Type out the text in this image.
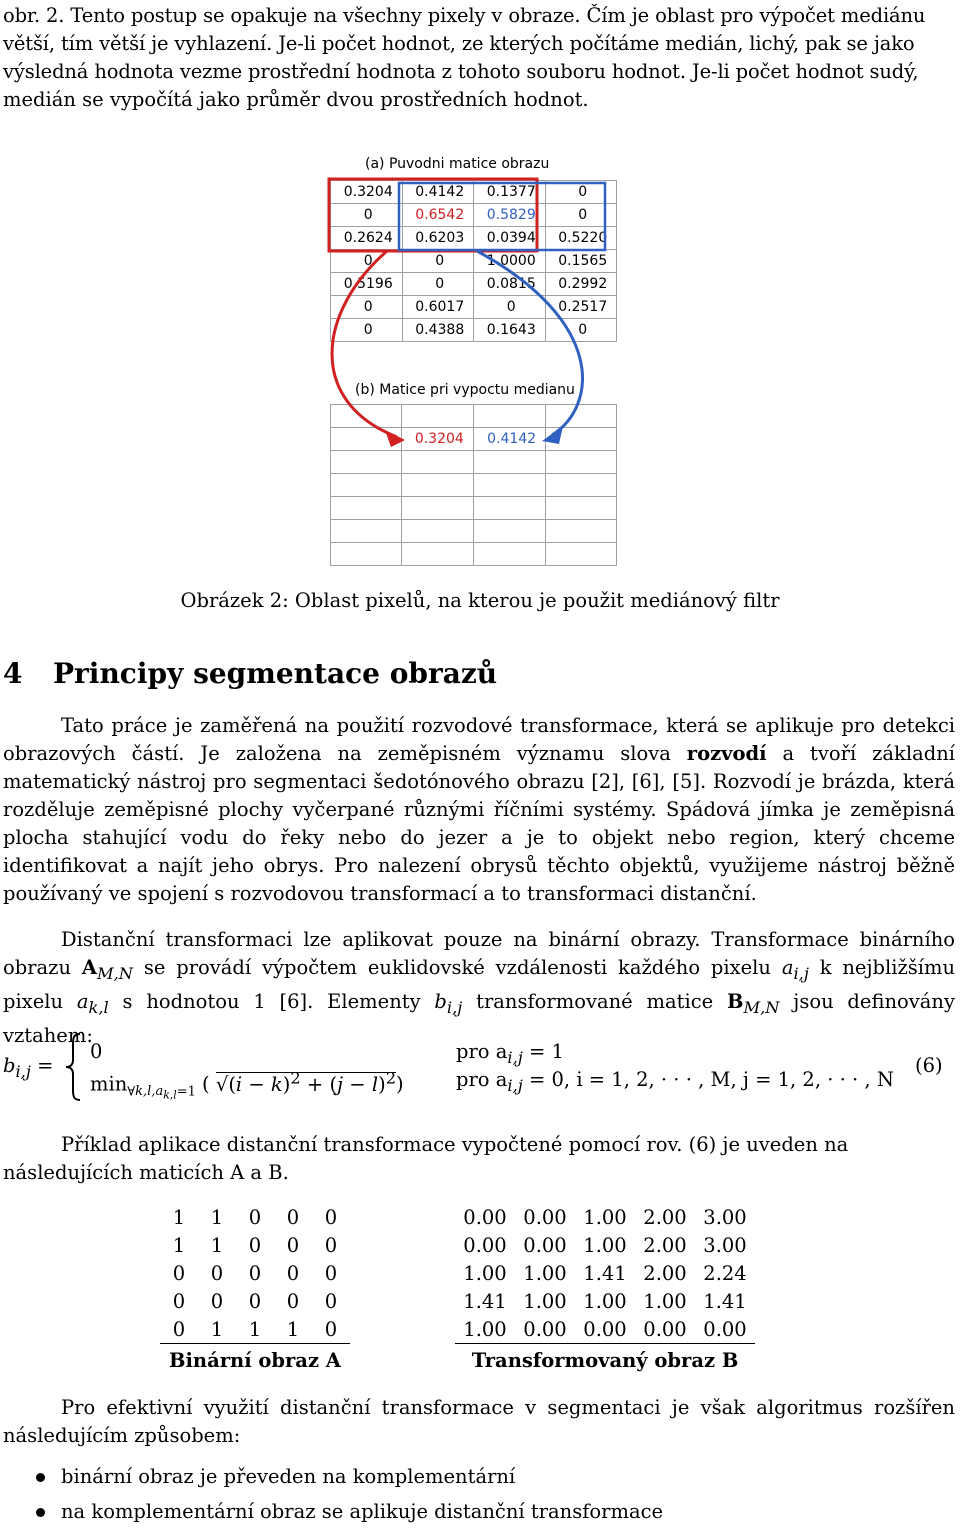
obr. 2. Tento postup se opakuje na všechny pixely v obraze. Čím je oblast pro výpočet mediánu
větší, tím větší je vyhlazení. Je-li počet hodnot, ze kterých počítáme medián, lichý, pak se jako
výsledná hodnota vezme prostřední hodnota z tohoto souboru hodnot. Je-li počet hodnot sudý,
medián se vypočítá jako průměr dvou prostředních hodnot.
(a) Puvodni matice obrazu
0.3204	0.4142	0.1377	0
0	0.6542	0.5829	0
0.2624	0.6203	0.0394	0.5220
0	0	1.0000	0.1565
0.5196	0	0.0815	0.2992
0	0.6017	0	0.2517
0	0.4388	0.1643	0
(b) Matice pri vypoctu medianu

	0.3204	0.4142	

Obrázek 2: Oblast pixelů, na kterou je použit mediánový filtr
4 Principy segmentace obrazů

Tato práce je zaměřená na použití rozvodové transformace, která se aplikuje pro detekci obrazových částí. Je založena na zeměpisném významu slova rozvodí a tvoří základní matematický nástroj pro segmentaci šedotónového obrazu [2], [6], [5]. Rozvodí je brázda, která rozděluje zeměpisné plochy vyčerpané různými říčními systémy. Spádová jímka je zeměpisná plocha stahující vodu do řeky nebo do jezer a je to objekt nebo region, který chceme identifikovat a najít jeho obrys. Pro nalezení obrysů těchto objektů, využijeme nástroj běžně používaný ve spojení s rozvodovou transformací a to transformaci distanční.

Distanční transformaci lze aplikovat pouze na binární obrazy. Transformace binárního obrazu $A_{M,N}$ se provádí výpočtem euklidovské vzdálenosti každého pixelu $a_{i,j}$ k nejbližšímu pixelu $a_{k,l}$ s hodnotou 1 [6]. Elementy $b_{i,j}$ transformované matice $B_{M,N}$ jsou definovány vztahem:

$b_{i,j}$ =
0	pro $a_{i,j} = 1$
$\min_{\forall k,l,a_{k,l}=1}$ ( $√(i - k)^2 + (j - l)^2$)	pro $a_{i,j} = 0$, i = 1, 2, · · · , M, j = 1, 2, · · · , N
(6)

Příklad aplikace distanční transformace vypočtené pomocí rov. (6) je uveden na následujících maticích A a B.

1	1	0	0	0
1	1	0	0	0
0	0	0	0	0
0	0	0	0	0
0	1	1	1	0
Binární obraz A				
0.00	0.00	1.00	2.00	3.00
0.00	0.00	1.00	2.00	3.00
1.00	1.00	1.41	2.00	2.24
1.41	1.00	1.00	1.00	1.41
1.00	0.00	0.00	0.00	0.00
Transformovaný obraz B				

Pro efektivní využití distanční transformace v segmentaci je však algoritmus rozšířen následujícím způsobem:

binární obraz je převeden na komplementární
na komplementární obraz se aplikuje distanční transformace
